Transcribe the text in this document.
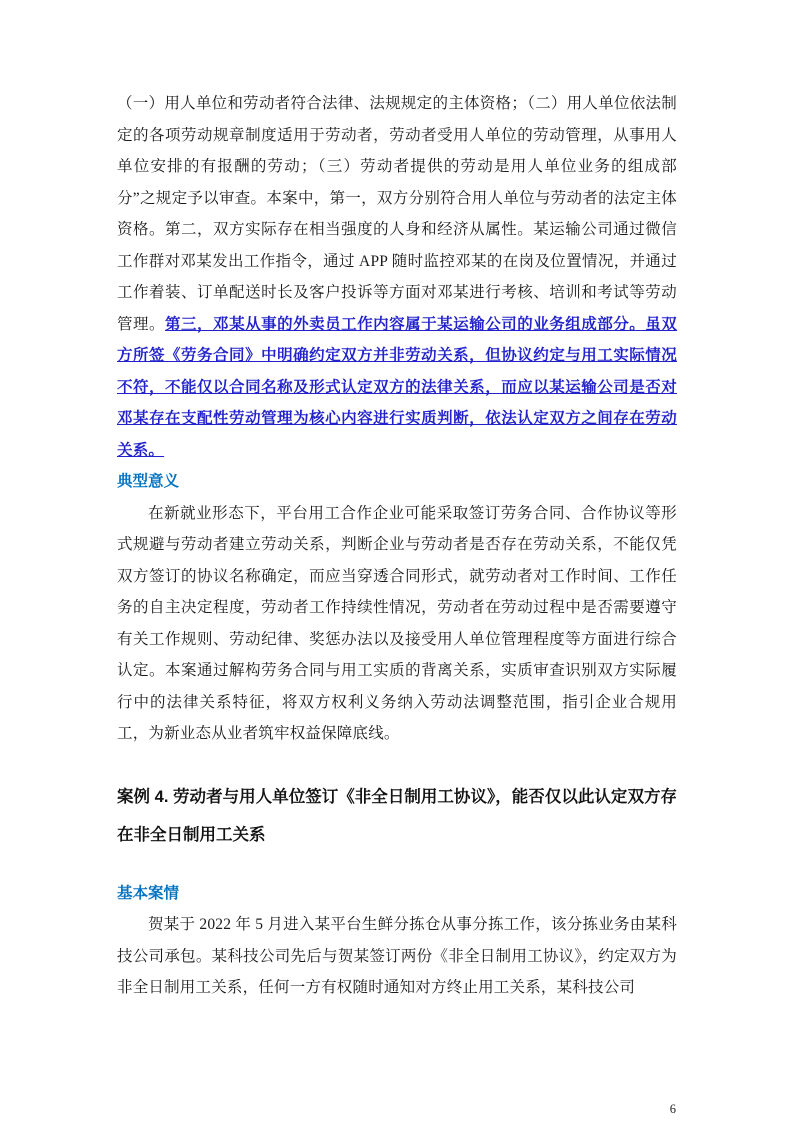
（一）用人单位和劳动者符合法律、法规规定的主体资格；（二）用人单位依法制定的各项劳动规章制度适用于劳动者，劳动者受用人单位的劳动管理，从事用人单位安排的有报酬的劳动；（三）劳动者提供的劳动是用人单位业务的组成部分”之规定予以审查。本案中，第一，双方分别符合用人单位与劳动者的法定主体资格。第二，双方实际存在相当强度的人身和经济从属性。某运输公司通过微信工作群对邓某发出工作指令，通过 APP 随时监控邓某的在岗及位置情况，并通过工作着装、订单配送时长及客户投诉等方面对邓某进行考核、培训和考试等劳动管理。第三，邓某从事的外卖员工作内容属于某运输公司的业务组成部分。虽双方所签《劳务合同》中明确约定双方并非劳动关系，但协议约定与用工实际情况不符，不能仅以合同名称及形式认定双方的法律关系，而应以某运输公司是否对邓某存在支配性劳动管理为核心内容进行实质判断，依法认定双方之间存在劳动关系。

典型意义

在新就业形态下，平台用工合作企业可能采取签订劳务合同、合作协议等形式规避与劳动者建立劳动关系，判断企业与劳动者是否存在劳动关系，不能仅凭双方签订的协议名称确定，而应当穿透合同形式，就劳动者对工作时间、工作任务的自主决定程度，劳动者工作持续性情况，劳动者在劳动过程中是否需要遵守有关工作规则、劳动纪律、奖惩办法以及接受用人单位管理程度等方面进行综合认定。本案通过解构劳务合同与用工实质的背离关系，实质审查识别双方实际履行中的法律关系特征，将双方权利义务纳入劳动法调整范围，指引企业合规用工，为新业态从业者筑牢权益保障底线。

案例 4. 劳动者与用人单位签订《非全日制用工协议》，能否仅以此认定双方存在非全日制用工关系
基本案情

贺某于 2022 年 5 月进入某平台生鲜分拣仓从事分拣工作，该分拣业务由某科技公司承包。某科技公司先后与贺某签订两份《非全日制用工协议》，约定双方为非全日制用工关系，任何一方有权随时通知对方终止用工关系，某科技公司

6
